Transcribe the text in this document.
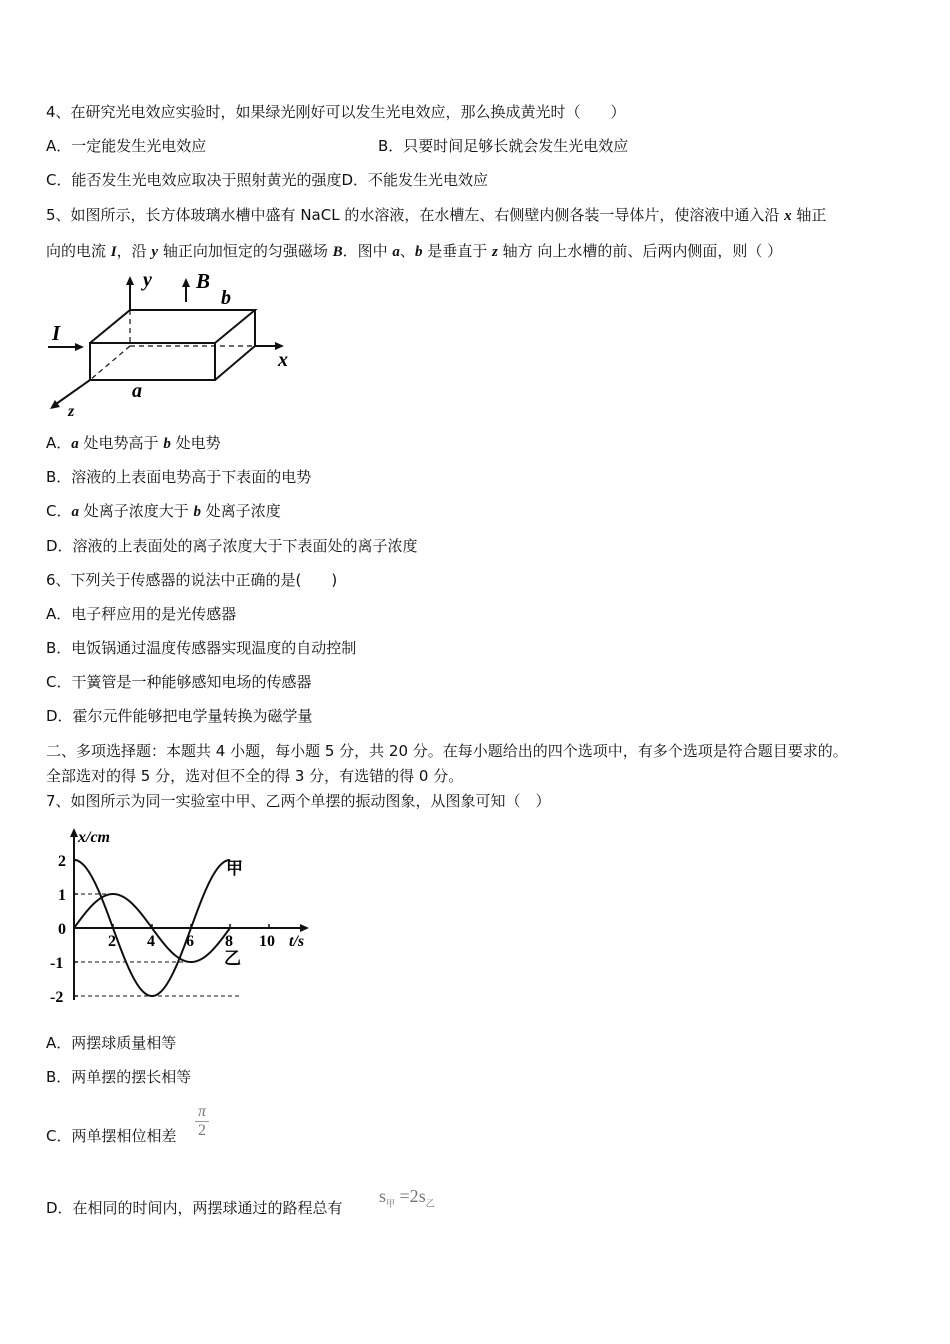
4、在研究光电效应实验时，如果绿光刚好可以发生光电效应，那么换成黄光时（　　）
A．一定能发生光电效应	B．只要时间足够长就会发生光电效应
C．能否发生光电效应取决于照射黄光的强度D．不能发生光电效应
5、如图所示，长方体玻璃水槽中盛有 NaCL 的水溶液，在水槽左、右侧壁内侧各装一导体片，使溶液中通入沿 x 轴正
向的电流 I，沿 y 轴正向加恒定的匀强磁场 B．图中 a、b 是垂直于 z 轴方 向上水槽的前、后两内侧面，则（ ）
y B
b
I
x
z
a
A．a 处电势高于 b 处电势
B．溶液的上表面电势高于下表面的电势
C．a 处离子浓度大于 b 处离子浓度
D．溶液的上表面处的离子浓度大于下表面处的离子浓度
6、下列关于传感器的说法中正确的是(　　)
A．电子秤应用的是光传感器
B．电饭锅通过温度传感器实现温度的自动控制
C．干簧管是一种能够感知电场的传感器
D．霍尔元件能够把电学量转换为磁学量
二、多项选择题：本题共 4 小题，每小题 5 分，共 20 分。在每小题给出的四个选项中，有多个选项是符合题目要求的。
全部选对的得 5 分，选对但不全的得 3 分，有选错的得 0 分。
7、如图所示为同一实验室中甲、乙两个单摆的振动图象，从图象可知（　）
x/cm
t/s
2 4 6 8 10
2
1
0
-1
-2
甲
乙
A．两摆球质量相等
B．两单摆的摆长相等
C．两单摆相位相差
π
2
D．在相同的时间内，两摆球通过的路程总有
$s_甲 =2s_乙$
